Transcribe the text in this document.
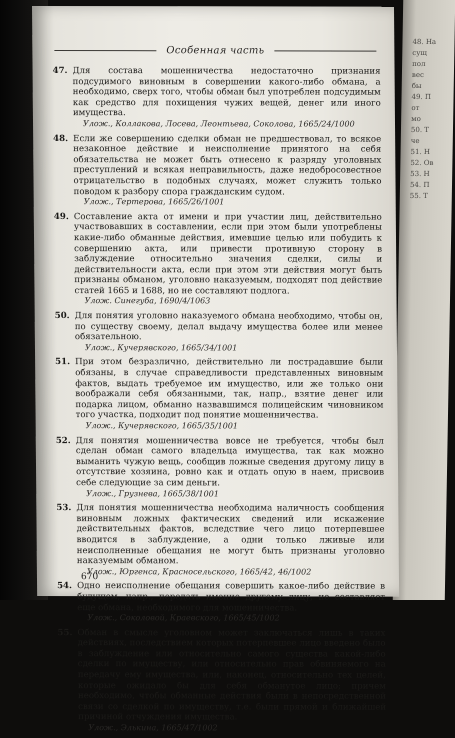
48. На
сущ
пол
вес
бы
49. П
от
мо
50. Т
че
51. Н
52. Ов
53. Н
54. П
55. Т
Особенная часть
47. Для состава мошенничества недостаточно признания подсудимого виновным в совершении какого-либо обмана, а необходимо, сверх того, чтобы обман был употреблен подсудимым как средство для похищения чужих вещей, денег или иного имущества.
Улож., Коллакова, Лосева, Леонтьева, Соколова, 1665/24/1000
48. Если же совершению сделки обман не предшествовал, то всякое незаконное действие и неисполнение принятого на себя обязательства не может быть отнесено к разряду уголовных преступлений и всякая неправильность, даже недобросовестное отрицательство в подобных случаях, может служить только поводом к разбору спора гражданским судом.
Улож., Тертерова, 1665/26/1001
49. Составление акта от имени и при участии лиц, действительно участвовавших в составлении, если при этом были употреблены какие-либо обманные действия, имевшие целью или побудить к совершению акта, или привести противную сторону в заблуждение относительно значения сделки, силы и действительности акта, если при этом эти действия могут быть признаны обманом, уголовно наказуемым, подходят под действие статей 1665 и 1688, но не составляют подлога.
Улож. Синегуба, 1690/4/1063
50. Для понятия уголовно наказуемого обмана необходимо, чтобы он, по существу своему, делал выдачу имущества более или менее обязательною.
Улож., Кучерявского, 1665/34/1001
51. При этом безразлично, действительно ли пострадавшие были обязаны, в случае справедливости представленных виновным фактов, выдать требуемое им имущество, или же только они воображали себя обязанными, так, напр., взятие денег или подарка лицом, обманно назвавшимся полицейским чиновником того участка, подходит под понятие мошенничества.
Улож., Кучерявского, 1665/35/1001
52. Для понятия мошенничества вовсе не требуется, чтобы был сделан обман самого владельца имущества, так как можно выманить чужую вещь, сообщив ложные сведения другому лицу в отсутствие хозяина, ровно как и отдать опую в наем, присвоив себе следующие за сим деньги.
Улож., Грузнева, 1665/38/1001
53. Для понятия мошенничества необходима наличность сообщения виновным ложных фактических сведений или искажение действительных фактов, вследствие чего лицо потерпевшее вводится в заблуждение, а одни только лживые или неисполненные обещания не могут быть признаны уголовно наказуемым обманом.
Улож., Юргенса, Красносельского, 1665/42, 46/1002
54. Одно неисполнение обещания совершить какое-либо действие в будущем, напр., передать имение другому лицу, не составляет еще обмана, необходимого для мошенничества.
Улож., Соколовой, Краевского, 1665/45/1002
55. Обман в смысле уголовном может заключаться лишь в таких действиях, последствием которых потерпевшее лицо введено было в заблуждение или относительно самого существа какой-либо сделки по имуществу, или относительно прав обвиняемого на передачу ему имущества, или, наконец, относительно тех целей, которые ожидало бы для себя обманутое лицо; причем необходимо, чтобы обманные действия были в непосредственной связи со сделкой по имуществу, т.е. были прямой и ближайшей причиной отчуждения имущества.
Улож., Элькина, 1665/47/1002
670
